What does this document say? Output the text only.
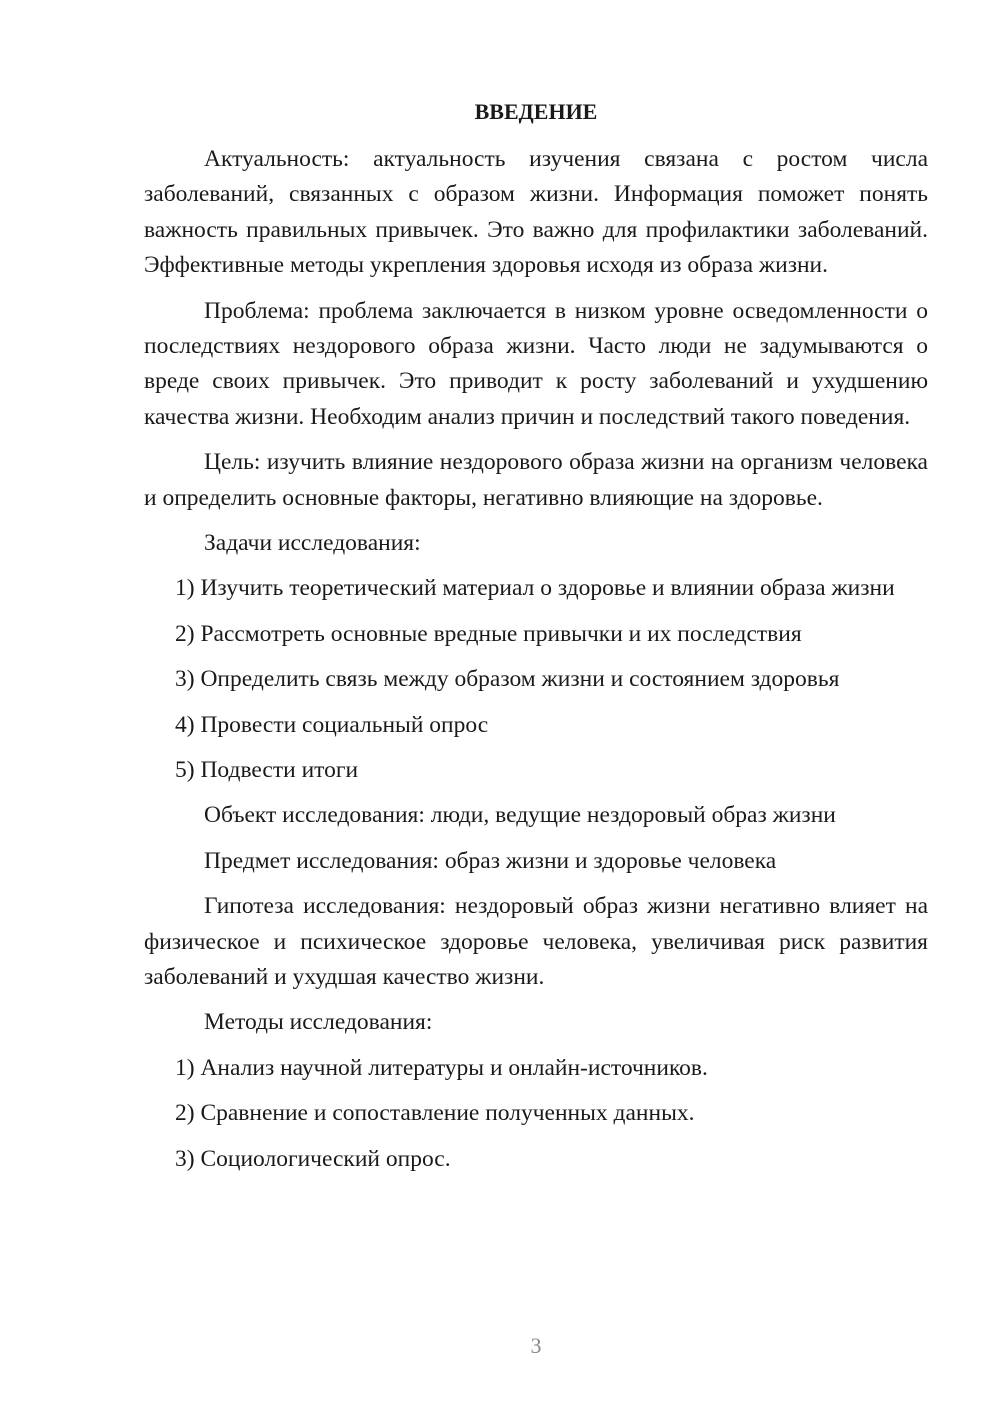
ВВЕДЕНИЕ

Актуальность: актуальность изучения связана с ростом числа заболеваний, связанных с образом жизни. Информация поможет понять важность правильных привычек. Это важно для профилактики заболеваний. Эффективные методы укрепления здоровья исходя из образа жизни.

Проблема: проблема заключается в низком уровне осведомленности о последствиях нездорового образа жизни. Часто люди не задумываются о вреде своих привычек. Это приводит к росту заболеваний и ухудшению качества жизни. Необходим анализ причин и последствий такого поведения.

Цель: изучить влияние нездорового образа жизни на организм человека и определить основные факторы, негативно влияющие на здоровье.

Задачи исследования:

1) Изучить теоретический материал о здоровье и влиянии образа жизни

2) Рассмотреть основные вредные привычки и их последствия

3) Определить связь между образом жизни и состоянием здоровья

4) Провести социальный опрос

5) Подвести итоги

Объект исследования: люди, ведущие нездоровый образ жизни

Предмет исследования: образ жизни и здоровье человека

Гипотеза исследования: нездоровый образ жизни негативно влияет на физическое и психическое здоровье человека, увеличивая риск развития заболеваний и ухудшая качество жизни.

Методы исследования:

1) Анализ научной литературы и онлайн-источников.

2) Сравнение и сопоставление полученных данных.

3) Социологический опрос.

3
